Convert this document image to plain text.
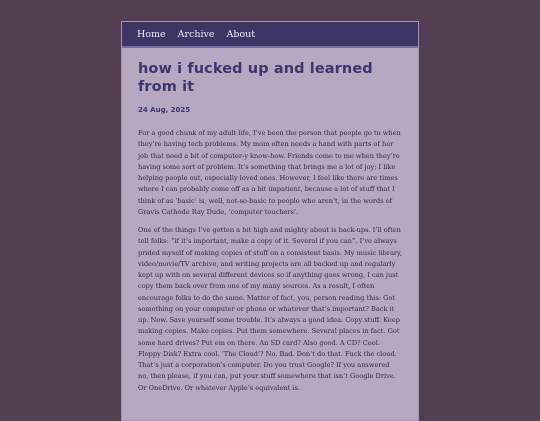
Home Archive About
how i fucked up and learned from it
24 Aug, 2025

For a good chunk of my adult life, I’ve been the person that people go to when they’re having tech problems. My mom often needs a hand with parts of her job that need a bit of computer-y know-how. Friends come to me when they’re having some sort of problem. It’s something that brings me a lot of joy; I like helping people out, especially loved ones. However, I feel like there are times where I can probably come off as a bit impatient, because a lot of stuff that I think of as ‘basic’ is, well, not-so-basic to people who aren’t, in the words of Gravis Cathode Ray Dude, ‘computer touchers’.

One of the things I’ve gotten a bit high and mighty about is back-ups. I’ll often tell folks: “if it’s important, make a copy of it. Several if you can”. I’ve always prided myself of making copies of stuff on a consistent basis. My music library, video/movie/TV archive, and writing projects are all backed up and regularly kept up with on several different devices so if anything goes wrong, I can just copy them back over from one of my many sources. As a result, I often encourage folks to do the same. Matter of fact, you, person reading this: Got something on your computer or phone or whatever that’s important? Back it up. Now. Save yourself some trouble. It’s always a good idea. Copy stuff. Keep making copies. Make copies. Put them somewhere. Several places in fact. Got some hard drives? Put em on there. An SD card? Also good. A CD? Cool. Floppy Disk? Extra cool. ‘The Cloud’? No. Bad. Don’t do that. Fuck the cloud. That’s just a corporation’s computer. Do you trust Google? If you answered no, then please, if you can, put your stuff somewhere that isn’t Google Drive. Or OneDrive. Or whatever Apple’s equivalent is.
